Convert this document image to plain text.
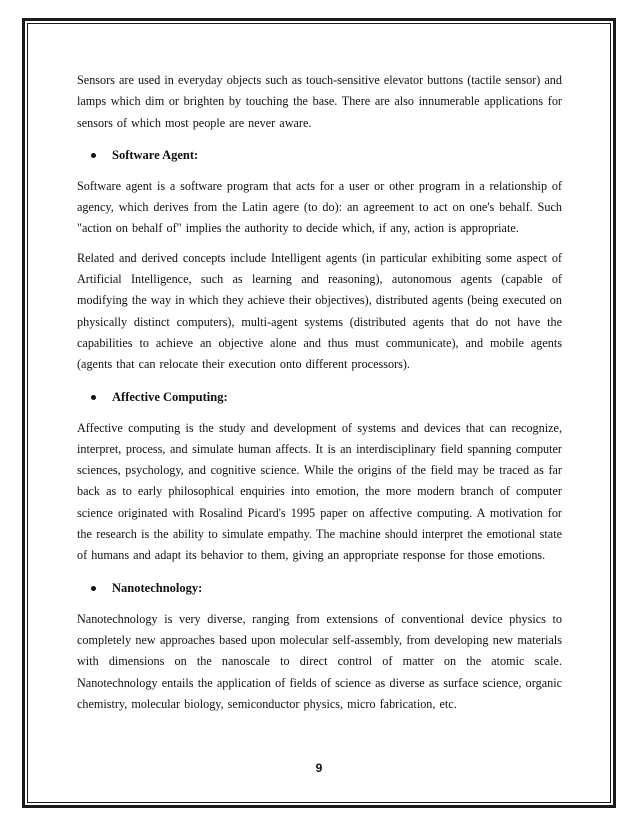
Sensors are used in everyday objects such as touch-sensitive elevator buttons (tactile sensor) and lamps which dim or brighten by touching the base. There are also innumerable applications for sensors of which most people are never aware.

Software Agent:

Software agent is a software program that acts for a user or other program in a relationship of agency, which derives from the Latin agere (to do): an agreement to act on one's behalf. Such "action on behalf of" implies the authority to decide which, if any, action is appropriate.

Related and derived concepts include Intelligent agents (in particular exhibiting some aspect of Artificial Intelligence, such as learning and reasoning), autonomous agents (capable of modifying the way in which they achieve their objectives), distributed agents (being executed on physically distinct computers), multi-agent systems (distributed agents that do not have the capabilities to achieve an objective alone and thus must communicate), and mobile agents (agents that can relocate their execution onto different processors).

Affective Computing:

Affective computing is the study and development of systems and devices that can recognize, interpret, process, and simulate human affects. It is an interdisciplinary field spanning computer sciences, psychology, and cognitive science. While the origins of the field may be traced as far back as to early philosophical enquiries into emotion, the more modern branch of computer science originated with Rosalind Picard's 1995 paper on affective computing. A motivation for the research is the ability to simulate empathy. The machine should interpret the emotional state of humans and adapt its behavior to them, giving an appropriate response for those emotions.

Nanotechnology:

Nanotechnology is very diverse, ranging from extensions of conventional device physics to completely new approaches based upon molecular self-assembly, from developing new materials with dimensions on the nanoscale to direct control of matter on the atomic scale. Nanotechnology entails the application of fields of science as diverse as surface science, organic chemistry, molecular biology, semiconductor physics, micro fabrication, etc.

9
